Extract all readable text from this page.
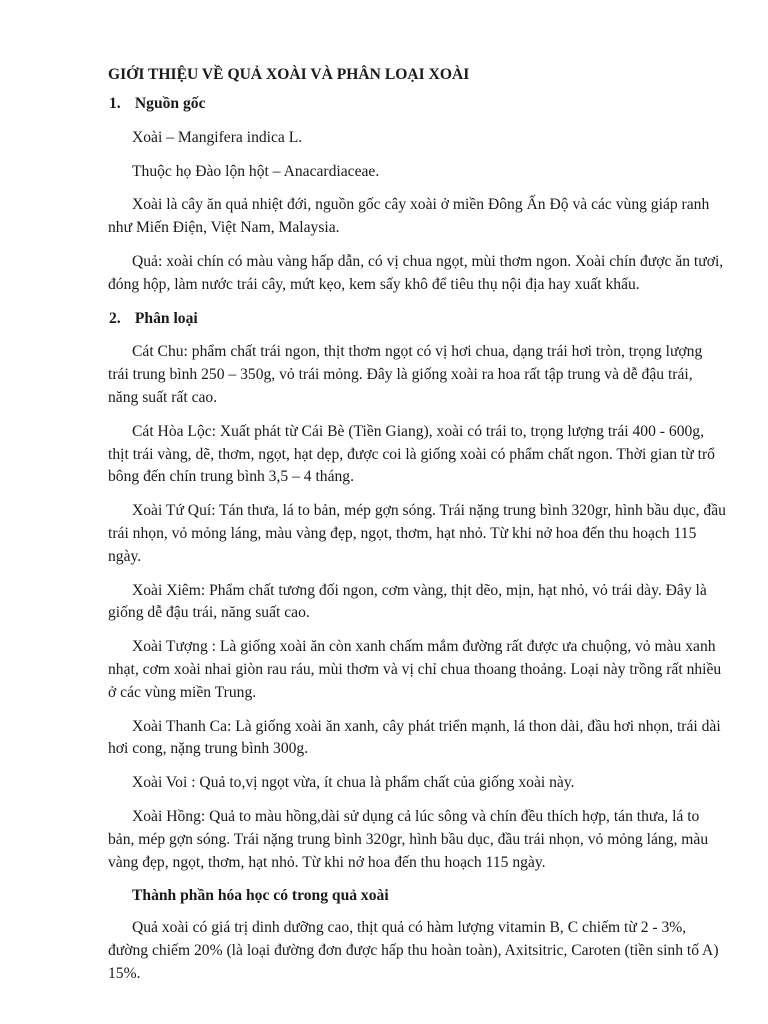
GIỚI THIỆU VỀ QUẢ XOÀI VÀ PHÂN LOẠI XOÀI
1. Nguồn gốc

Xoài – Mangifera indica L.

Thuộc họ Đào lộn hột – Anacardiaceae.

Xoài là cây ăn quả nhiệt đới, nguồn gốc cây xoài ở miền Đông Ấn Độ và các vùng giáp ranh như Miến Điện, Việt Nam, Malaysia.

Quả: xoài chín có màu vàng hấp dẫn, có vị chua ngọt, mùi thơm ngon. Xoài chín được ăn tươi, đóng hộp, làm nước trái cây, mứt kẹo, kem sấy khô để tiêu thụ nội địa hay xuất khẩu.

2. Phân loại

Cát Chu: phẩm chất trái ngon, thịt thơm ngọt có vị hơi chua, dạng trái hơi tròn, trọng lượng trái trung bình 250 – 350g, vỏ trái mỏng. Đây là giống xoài ra hoa rất tập trung và dễ đậu trái, năng suất rất cao.

Cát Hòa Lộc: Xuất phát từ Cái Bè (Tiền Giang), xoài có trái to, trọng lượng trái 400 - 600g, thịt trái vàng, dẽ, thơm, ngọt, hạt dẹp, được coi là giống xoài có phẩm chất ngon. Thời gian từ trổ bông đến chín trung bình 3,5 – 4 tháng.

Xoài Tứ Quí: Tán thưa, lá to bản, mép gợn sóng. Trái nặng trung bình 320gr, hình bầu dục, đầu trái nhọn, vỏ mỏng láng, màu vàng đẹp, ngọt, thơm, hạt nhỏ. Từ khi nở hoa đến thu hoạch 115 ngày.

Xoài Xiêm: Phẩm chất tương đối ngon, cơm vàng, thịt dẽo, mịn, hạt nhỏ, vỏ trái dày. Đây là giống dễ đậu trái, năng suất cao.

Xoài Tượng : Là giống xoài ăn còn xanh chấm mắm đường rất được ưa chuộng, vỏ màu xanh nhạt, cơm xoài nhai giòn rau ráu, mùi thơm và vị chỉ chua thoang thoảng. Loại này trồng rất nhiều ở các vùng miền Trung.

Xoài Thanh Ca: Là giống xoài ăn xanh, cây phát triển mạnh, lá thon dài, đầu hơi nhọn, trái dài hơi cong, nặng trung bình 300g.

Xoài Voi : Quả to,vị ngọt vừa, ít chua là phẩm chất của giống xoài này.

Xoài Hồng: Quả to màu hồng,dài sử dụng cả lúc sông và chín đều thích hợp, tán thưa, lá to bản, mép gợn sóng. Trái nặng trung bình 320gr, hình bầu dục, đầu trái nhọn, vỏ mỏng láng, màu vàng đẹp, ngọt, thơm, hạt nhỏ. Từ khi nở hoa đến thu hoạch 115 ngày.

Thành phần hóa học có trong quả xoài

Quả xoài có giá trị dinh dưỡng cao, thịt quả có hàm lượng vitamin B, C chiếm từ 2 - 3%, đường chiếm 20% (là loại đường đơn được hấp thu hoàn toàn), Axitsitric, Caroten (tiền sinh tố A) 15%.
